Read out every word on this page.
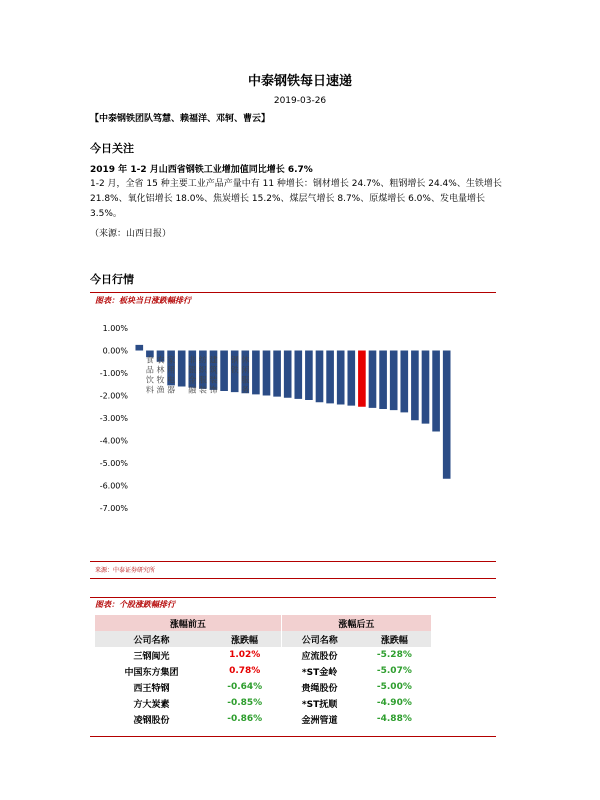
中泰钢铁每日速递
2019-03-26
【中泰钢铁团队笃慧、赖福洋、邓轲、曹云】
今日关注
2019 年 1-2 月山西省钢铁工业增加值同比增长 6.7%
1-2 月，全省 15 种主要工业产品产量中有 11 种增长：钢材增长 24.7%、粗钢增长 24.4%、生铁增长 21.8%、氧化铝增长 18.0%、焦炭增长 15.2%、煤层气增长 8.7%、原煤增长 6.0%、发电量增长 3.5%。
（来源：山西日报）
今日行情
图表：板块当日涨跌幅排行
1.00%
0.00%
-1.00%
-2.00%
-3.00%
-4.00%
-5.00%
-6.00%
-7.00%
食品饮料
农林牧渔
家用电器
非银金融
纺织服装
建筑装饰
钢铁
休闲服务
来源：中泰证券研究所
图表：个股涨跌幅排行
涨幅前五		涨幅后五	
公司名称	涨跌幅	公司名称	涨跌幅
三钢闽光	1.02%	应流股份	-5.28%
中国东方集团	0.78%	*ST金岭	-5.07%
西王特钢	-0.64%	贵绳股份	-5.00%
方大炭素	-0.85%	*ST抚顺	-4.90%
凌钢股份	-0.86%	金洲管道	-4.88%
